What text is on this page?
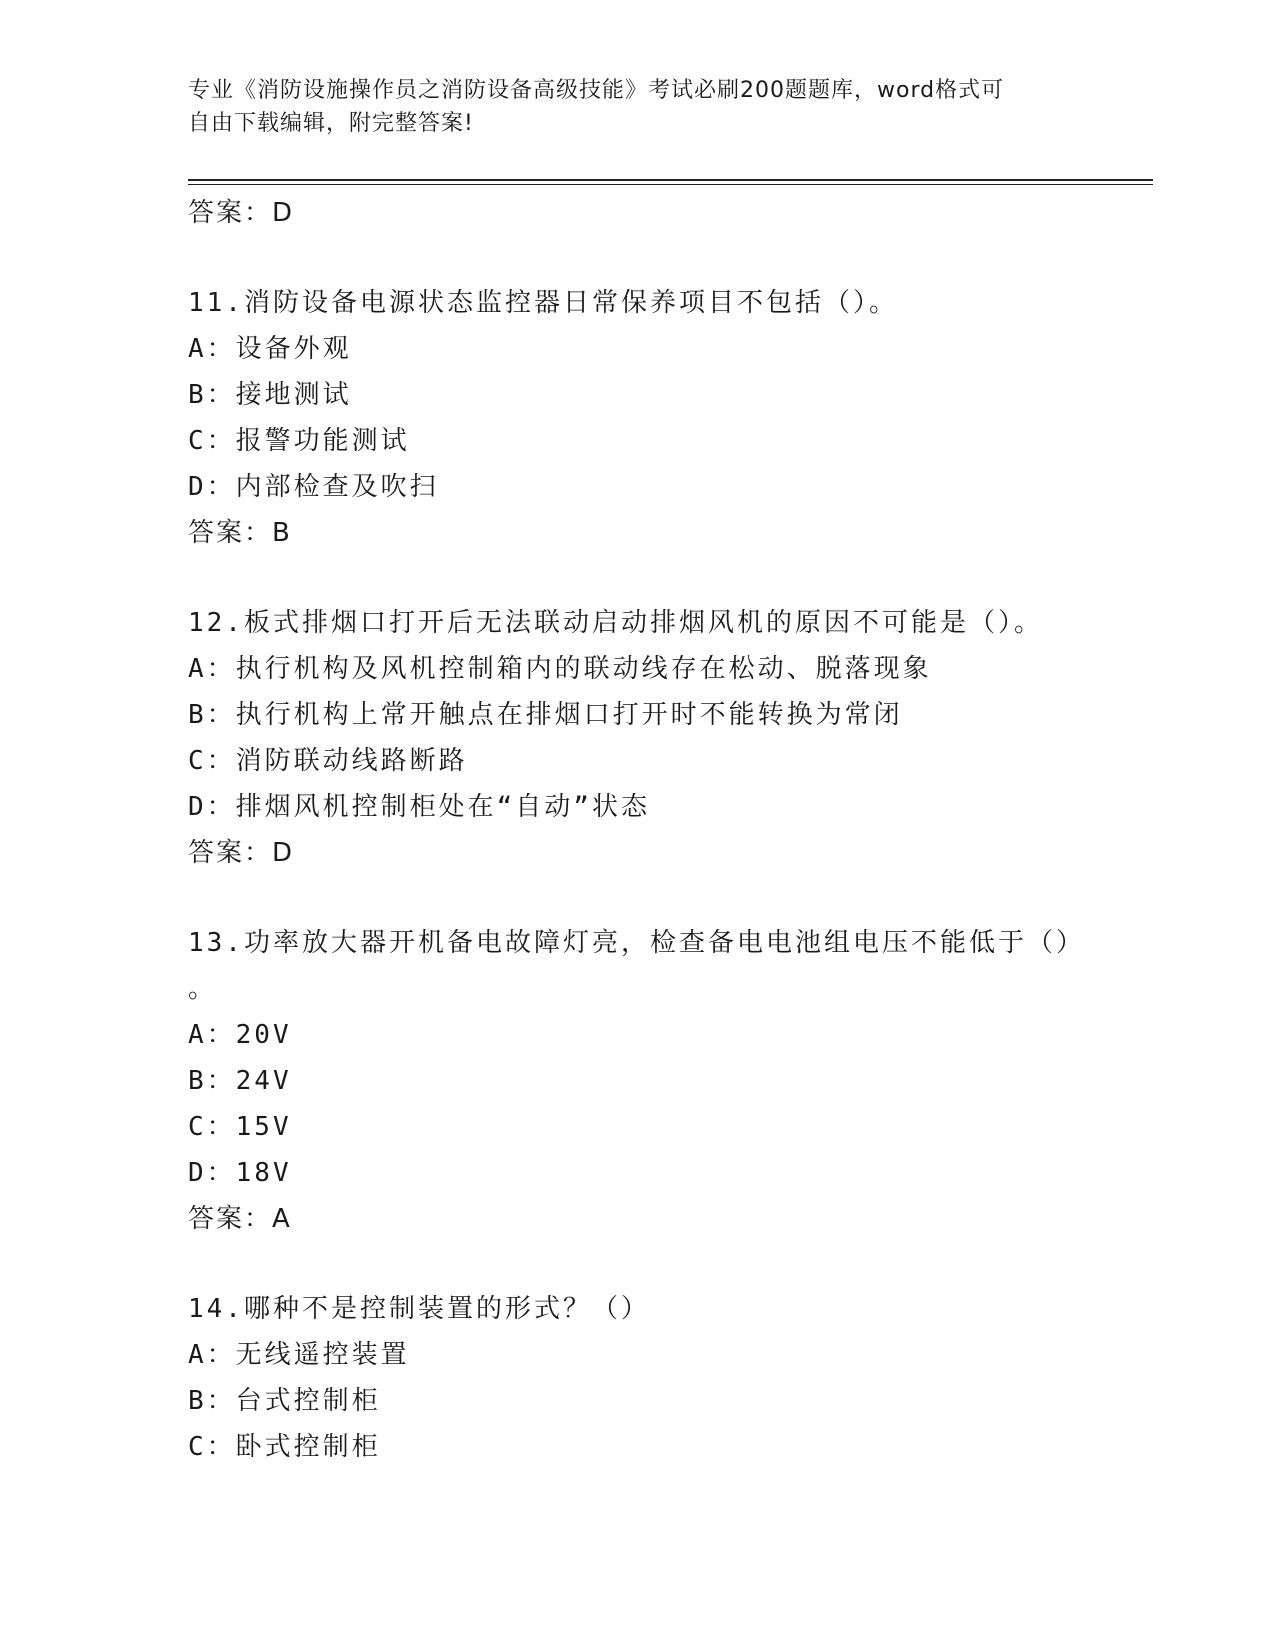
专业《消防设施操作员之消防设备高级技能》考试必刷200题题库，word格式可
自由下载编辑，附完整答案!
答案：D
11.消防设备电源状态监控器日常保养项目不包括（）。
A：设备外观
B：接地测试
C：报警功能测试
D：内部检查及吹扫
答案：B
12.板式排烟口打开后无法联动启动排烟风机的原因不可能是（）。
A：执行机构及风机控制箱内的联动线存在松动、脱落现象
B：执行机构上常开触点在排烟口打开时不能转换为常闭
C：消防联动线路断路
D：排烟风机控制柜处在“自动”状态
答案：D
13.功率放大器开机备电故障灯亮，检查备电电池组电压不能低于（）
。
A：20V
B：24V
C：15V
D：18V
答案：A
14.哪种不是控制装置的形式？（）
A：无线遥控装置
B：台式控制柜
C：卧式控制柜
